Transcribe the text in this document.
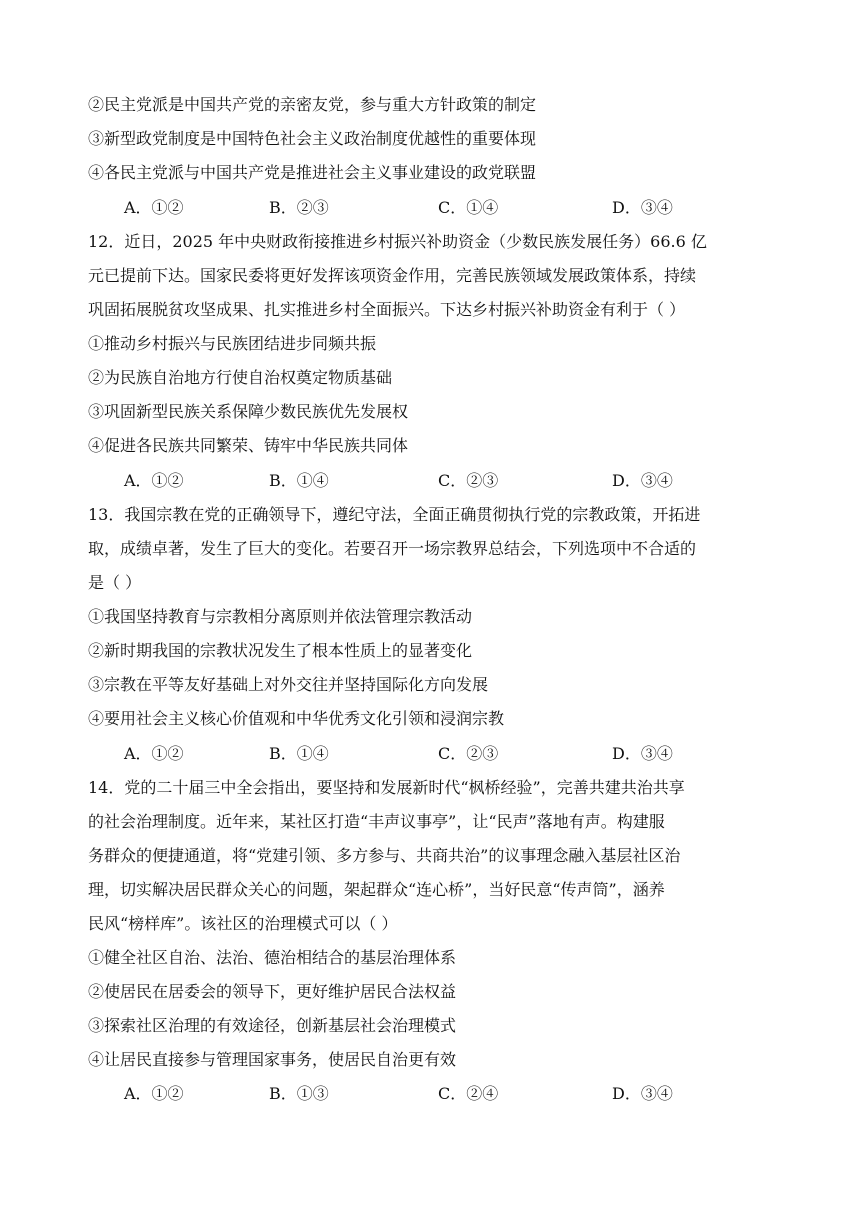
②民主党派是中国共产党的亲密友党，参与重大方针政策的制定
③新型政党制度是中国特色社会主义政治制度优越性的重要体现
④各民主党派与中国共产党是推进社会主义事业建设的政党联盟
A．①②	B．②③	C．①④	D．③④
12．近日，2025 年中央财政衔接推进乡村振兴补助资金（少数民族发展任务）66.6 亿
元已提前下达。国家民委将更好发挥该项资金作用，完善民族领域发展政策体系，持续
巩固拓展脱贫攻坚成果、扎实推进乡村全面振兴。下达乡村振兴补助资金有利于（ ）
①推动乡村振兴与民族团结进步同频共振
②为民族自治地方行使自治权奠定物质基础
③巩固新型民族关系保障少数民族优先发展权
④促进各民族共同繁荣、铸牢中华民族共同体
A．①②	B．①④	C．②③	D．③④
13．我国宗教在党的正确领导下，遵纪守法，全面正确贯彻执行党的宗教政策，开拓进
取，成绩卓著，发生了巨大的变化。若要召开一场宗教界总结会，下列选项中不合适的
是（ ）
①我国坚持教育与宗教相分离原则并依法管理宗教活动
②新时期我国的宗教状况发生了根本性质上的显著变化
③宗教在平等友好基础上对外交往并坚持国际化方向发展
④要用社会主义核心价值观和中华优秀文化引领和浸润宗教
A．①②	B．①④	C．②③	D．③④
14．党的二十届三中全会指出，要坚持和发展新时代“枫桥经验”，完善共建共治共享
的社会治理制度。近年来，某社区打造“丰声议事亭”，让“民声”落地有声。构建服
务群众的便捷通道，将“党建引领、多方参与、共商共治”的议事理念融入基层社区治
理，切实解决居民群众关心的问题，架起群众“连心桥”，当好民意“传声筒”，涵养
民风“榜样库”。该社区的治理模式可以（ ）
①健全社区自治、法治、德治相结合的基层治理体系
②使居民在居委会的领导下，更好维护居民合法权益
③探索社区治理的有效途径，创新基层社会治理模式
④让居民直接参与管理国家事务，使居民自治更有效
A．①②	B．①③	C．②④	D．③④
